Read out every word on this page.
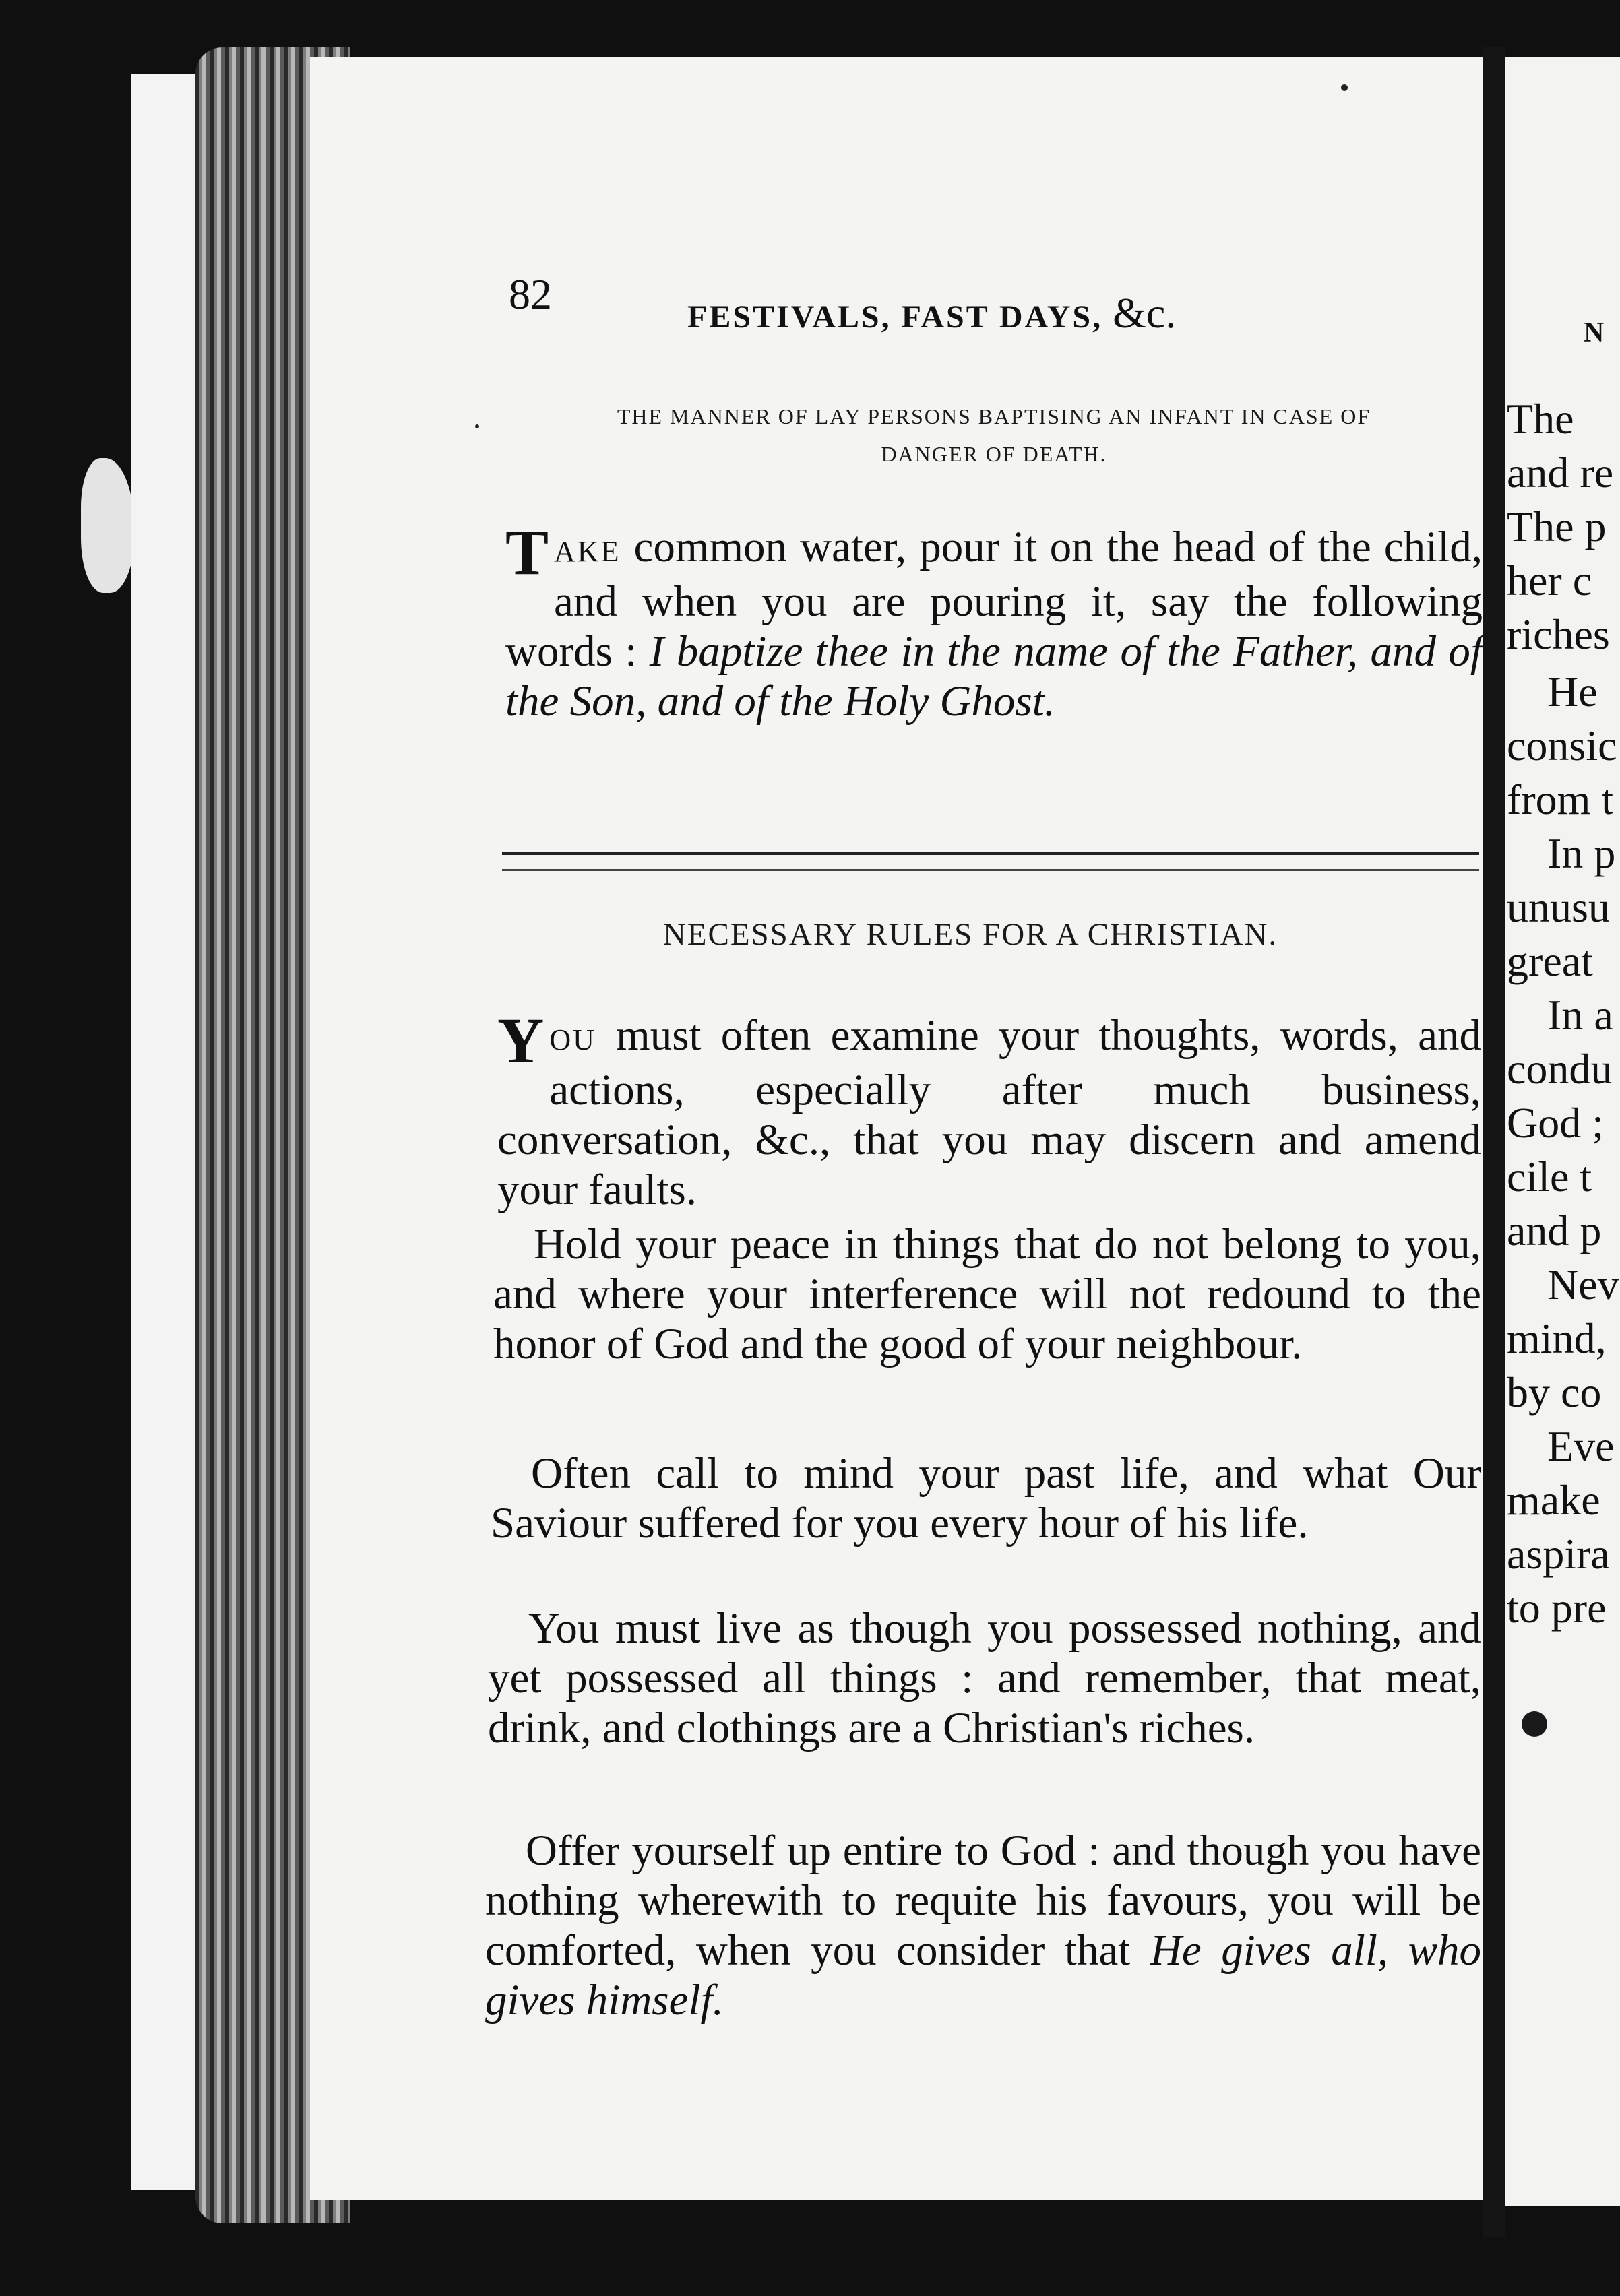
82	FESTIVALS, FAST DAYS, &c.
THE MANNER OF LAY PERSONS BAPTISING AN INFANT IN CASE OF
DANGER OF DEATH.
TAKE common water, pour it on the head of the child, and when you are pouring it, say the following words : I baptize thee in the name of the Father, and of the Son, and of the Holy Ghost.
NECESSARY RULES FOR A CHRISTIAN.
YOU must often examine your thoughts, words, and actions, especially after much business, conversation, &c., that you may discern and amend your faults.
Hold your peace in things that do not belong to you, and where your interference will not redound to the honor of God and the good of your neighbour.
Often call to mind your past life, and what Our Saviour suffered for you every hour of his life.
You must live as though you possessed nothing, and yet possessed all things : and remember, that meat, drink, and clothings are a Christian's riches.
Offer yourself up entire to God : and though you have nothing wherewith to requite his favours, you will be comforted, when you consider that He gives all, who gives himself.
N
The
and re
The p
her c
riches
He
consic
from t
In p
unusu
great
In a
condu
God ;
cile t
and p
Nev
mind,
by co
Eve
make
aspira
to pre
